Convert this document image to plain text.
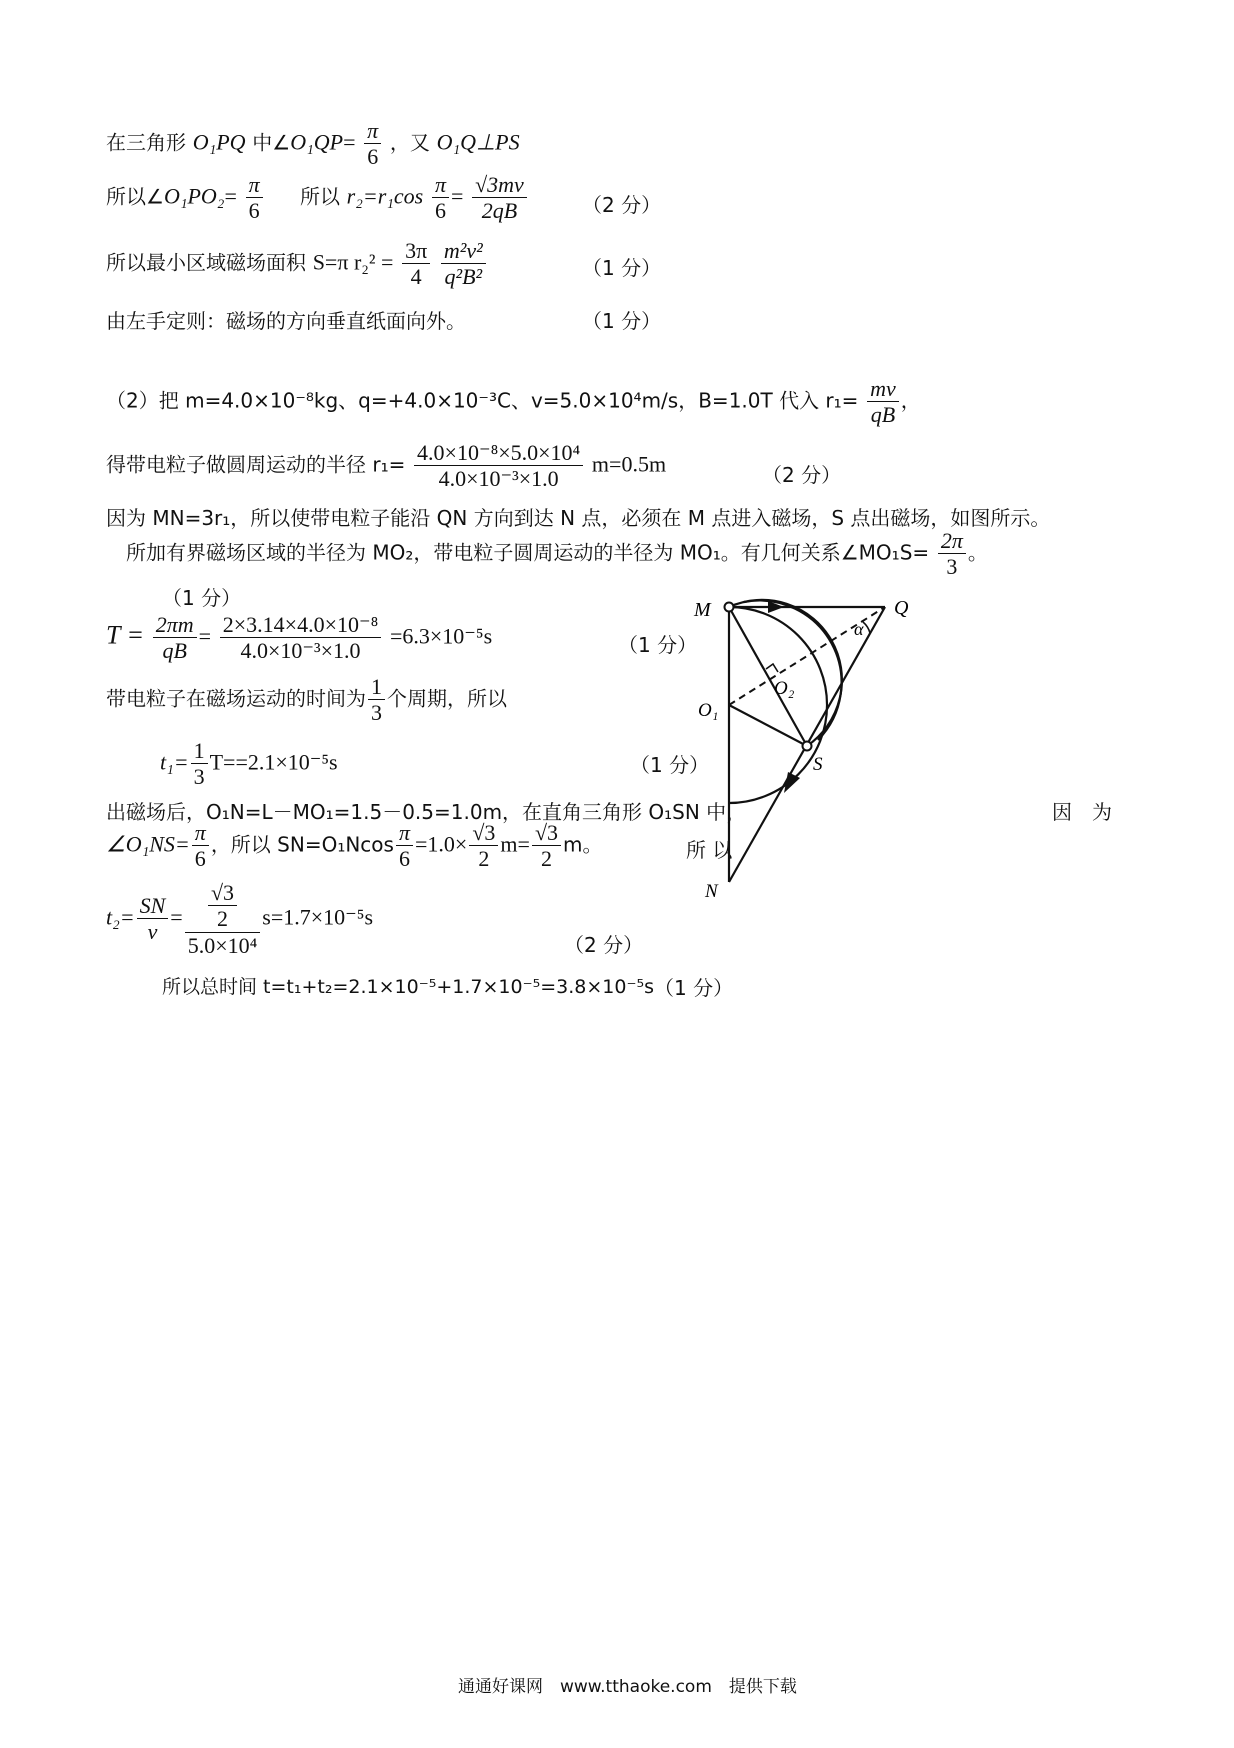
在三角形 O₁PQ 中∠O₁QP= $\frac{\pi}{6}$ ，又 O₁Q⊥PS
所以∠O₁PO₂= $\frac{\pi}{6}$ 所以 $r_2=r_1\cos \frac{\pi}{6} = \frac{√3mv}{2qB}$	（2 分）
所以最小区域磁场面积 S=π $r_2^2 = \frac{3\pi}{4}$
$\frac{\text{m²v²}}{\text{q²B²}}$	（1 分）
由左手定则：磁场的方向垂直纸面向外。	（1 分）
（2）把 m=4.0×10⁻⁸kg、q=+4.0×10⁻³C、v=5.0×10⁴m/s，B=1.0T 代入 $r_1= \frac{mv}{qB}$ ，
得带电粒子做圆周运动的半径 $r_1= \frac{\text{4.0×10⁻⁸×5.0×10⁴}}{\text{4.0×10⁻³×1.0}} m=0.5m$	（2 分）
因为 MN=3r₁，所以使带电粒子能沿 QN 方向到达 N 点，必须在 M 点进入磁场，S 点出磁场，如图所示。
所加有界磁场区域的半径为 MO₂，带电粒子圆周运动的半径为 MO₁。有几何关系∠MO₁S= $\frac{2\pi}{3}$ 。
（1 分）
$T = \frac{2\pi m}{qB} = \frac{\text{2×3.14×4.0×10⁻⁸}}{\text{4.0×10⁻³×1.0}} =6.3\times 10^{-5}s$	（1 分）
带电粒子在磁场运动的时间为 $\frac{1}{3}$ 个周期，所以
$t_1= \frac{1}{3} T==2.1\times 10^{-5}s$	（1 分）
出磁场后，O₁N=L－MO₁=1.5－0.5=1.0m，在直角三角形 O₁SN 中，	因　为
∠O₁NS= $\frac{\pi}{6}$ ，所以 $SN=O_1Ncos \frac{\pi}{6} =1.0\times \frac{√3}{2} m= \frac{√3}{2}$ m。	所 以
$t_2= \frac{SN}{v} = \frac{\frac{√3}{2}}{\text{5.0×10⁴}} s=1.7\times 10^{-5}s$
（2 分）
所以总时间 t=t₁+t₂=2.1×10⁻⁵+1.7×10⁻⁵=3.8×10⁻⁵s （1 分）
M	Q
α
O₂
O₁
S
N
通通好课网　www.tthaoke.com　提供下载
